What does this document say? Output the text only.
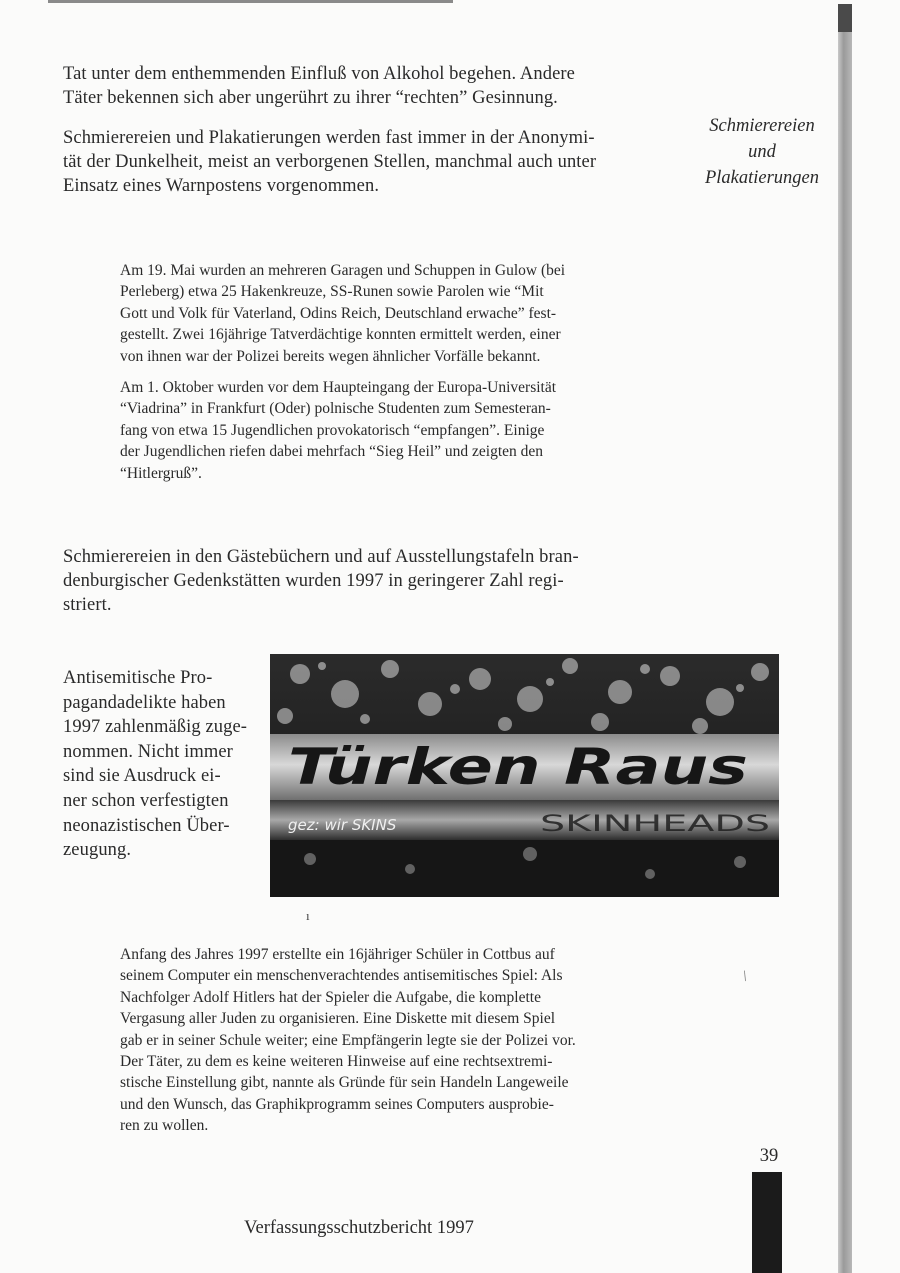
Schmierereien
und
Plakatierungen
Tat unter dem enthemmenden Einfluß von Alkohol begehen. Andere
Täter bekennen sich aber ungerührt zu ihrer “rechten” Gesinnung.
Schmierereien und Plakatierungen werden fast immer in der Anonymi-
tät der Dunkelheit, meist an verborgenen Stellen, manchmal auch unter
Einsatz eines Warnpostens vorgenommen.
Am 19. Mai wurden an mehreren Garagen und Schuppen in Gulow (bei
Perleberg) etwa 25 Hakenkreuze, SS-Runen sowie Parolen wie “Mit
Gott und Volk für Vaterland, Odins Reich, Deutschland erwache” fest-
gestellt. Zwei 16jährige Tatverdächtige konnten ermittelt werden, einer
von ihnen war der Polizei bereits wegen ähnlicher Vorfälle bekannt.
Am 1. Oktober wurden vor dem Haupteingang der Europa-Universität
“Viadrina” in Frankfurt (Oder) polnische Studenten zum Semesteran-
fang von etwa 15 Jugendlichen provokatorisch “empfangen”. Einige
der Jugendlichen riefen dabei mehrfach “Sieg Heil” und zeigten den
“Hitlergruß”.
Schmierereien in den Gästebüchern und auf Ausstellungstafeln bran-
denburgischer Gedenkstätten wurden 1997 in geringerer Zahl regi-
striert.
Antisemitische Pro-
pagandadelikte haben
1997 zahlenmäßig zuge-
nommen. Nicht immer
sind sie Ausdruck ei-
ner schon verfestigten
neonazistischen Über-
zeugung.
Türken Raus
gez: wir SKINS	SKINHEADS
ı
∕
Anfang des Jahres 1997 erstellte ein 16jähriger Schüler in Cottbus auf
seinem Computer ein menschenverachtendes antisemitisches Spiel: Als
Nachfolger Adolf Hitlers hat der Spieler die Aufgabe, die komplette
Vergasung aller Juden zu organisieren. Eine Diskette mit diesem Spiel
gab er in seiner Schule weiter; eine Empfängerin legte sie der Polizei vor.
Der Täter, zu dem es keine weiteren Hinweise auf eine rechtsextremi-
stische Einstellung gibt, nannte als Gründe für sein Handeln Langeweile
und den Wunsch, das Graphikprogramm seines Computers ausprobie-
ren zu wollen.
39
Verfassungsschutzbericht 1997
